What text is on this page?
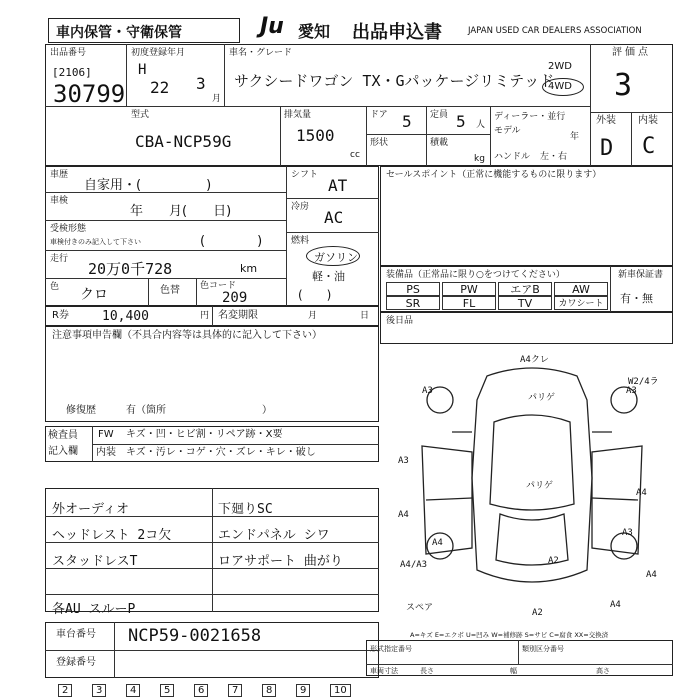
車内保管・守衛保管	Ju 愛知 出品申込書	JAPAN USED CAR DEALERS ASSOCIATION
出品番号
[2106]
30799
初度登録年月
H
22 3
月
車名・グレード
サクシードワゴン TX・Gパッケージリミテッド
2WD
4WD
評価点
3
型式
CBA-NCP59G
排気量
1500
cc
ドア 5 定員 5 人
形状	積載
kg
ディーラー・並行
モデル
年
ハンドル 左・右
外装 内装
D C
車歴
自家用・(　　　　　)
車検
年　　月(　　日)
受検形態
車検付きのみ記入して下さい	(　　　　)
走行
20万0千728	km
色 クロ	色替 色コード
209
シフト
AT
冷房
AC
燃料
ガソリン
軽・油
(　　)
セールスポイント（正常に機能するものに限ります）
装備品（正常品に限り○をつけてください）	新車保証書
有・無
PS	PW	エアB	AW
SR	FL	TV	カワシート
R券	10,400	円 名変期限	月	日 後日品
注意事項申告欄（不具合内容等は具体的に記入して下さい）
修復歴	有（箇所	）
検査員
記入欄
FW キズ・凹・ヒビ割・リペア跡・X要
内装 キズ・汚レ・コゲ・穴・ズレ・キレ・破し
外オーディオ	下廻りSC
ヘッドレスト 2コ欠	エンドパネル シワ
スタッドレスT	ロアサポート 曲がり
各AU スルーP
車台番号 NCP59-0021658
登録番号
2	3	4	5	6	7	8	9	10
A=キズ E=エクボ U=凹み W=補修跡 S=サビ C=腐食 XX=交換済
形式指定番号	類別区分番号
車両寸法	長さ	幅	高さ
A4クレ
W2/4ラ
A3	A3
パリゲ
パリゲ
A3
A4
A4
A3
A4/A3	A2
A2
A4
A4
スペア	A4
